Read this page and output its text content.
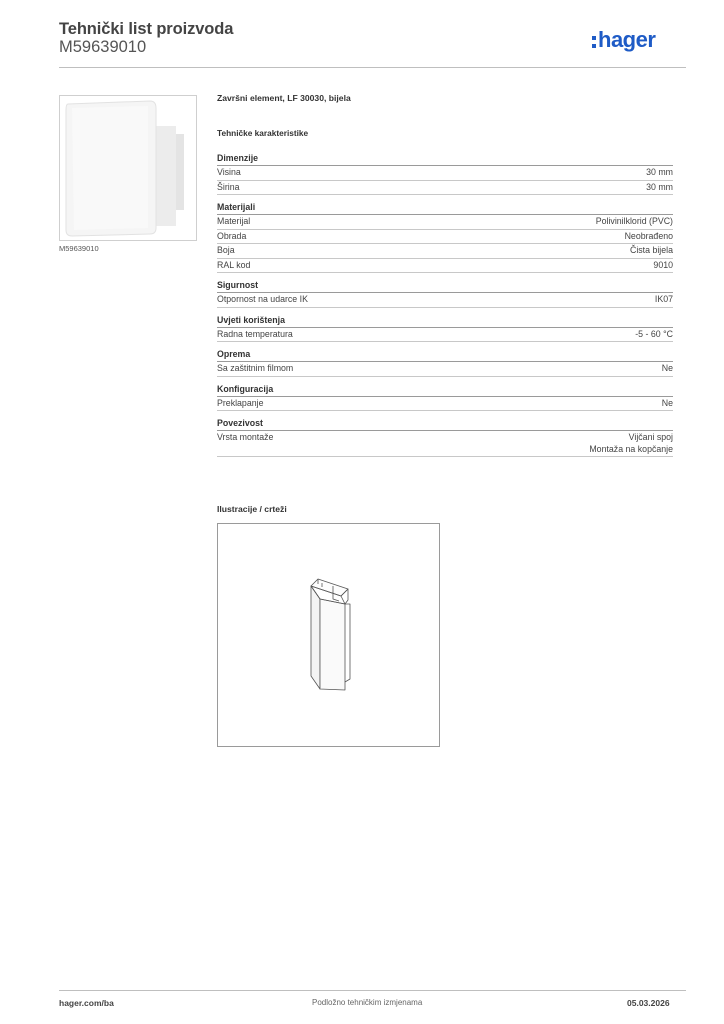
Tehnički list proizvoda
M59639010	hager
M59639010
Završni element, LF 30030, bijela
Tehničke karakteristike
Dimenzije
Visina	30 mm
Širina	30 mm
Materijali
Materijal	Polivinilklorid (PVC)
Obrada	Neobrađeno
Boja	Čista bijela
RAL kod	9010
Sigurnost
Otpornost na udarce IK	IK07
Uvjeti korištenja
Radna temperatura	-5 - 60 °C
Oprema
Sa zaštitnim filmom	Ne
Konfiguracija
Preklapanje	Ne
Povezivost
Vrsta montaže	Vijčani spoj
Montaža na kopčanje
Ilustracije / crteži
hager.com/ba	Podložno tehničkim izmjenama	05.03.2026
